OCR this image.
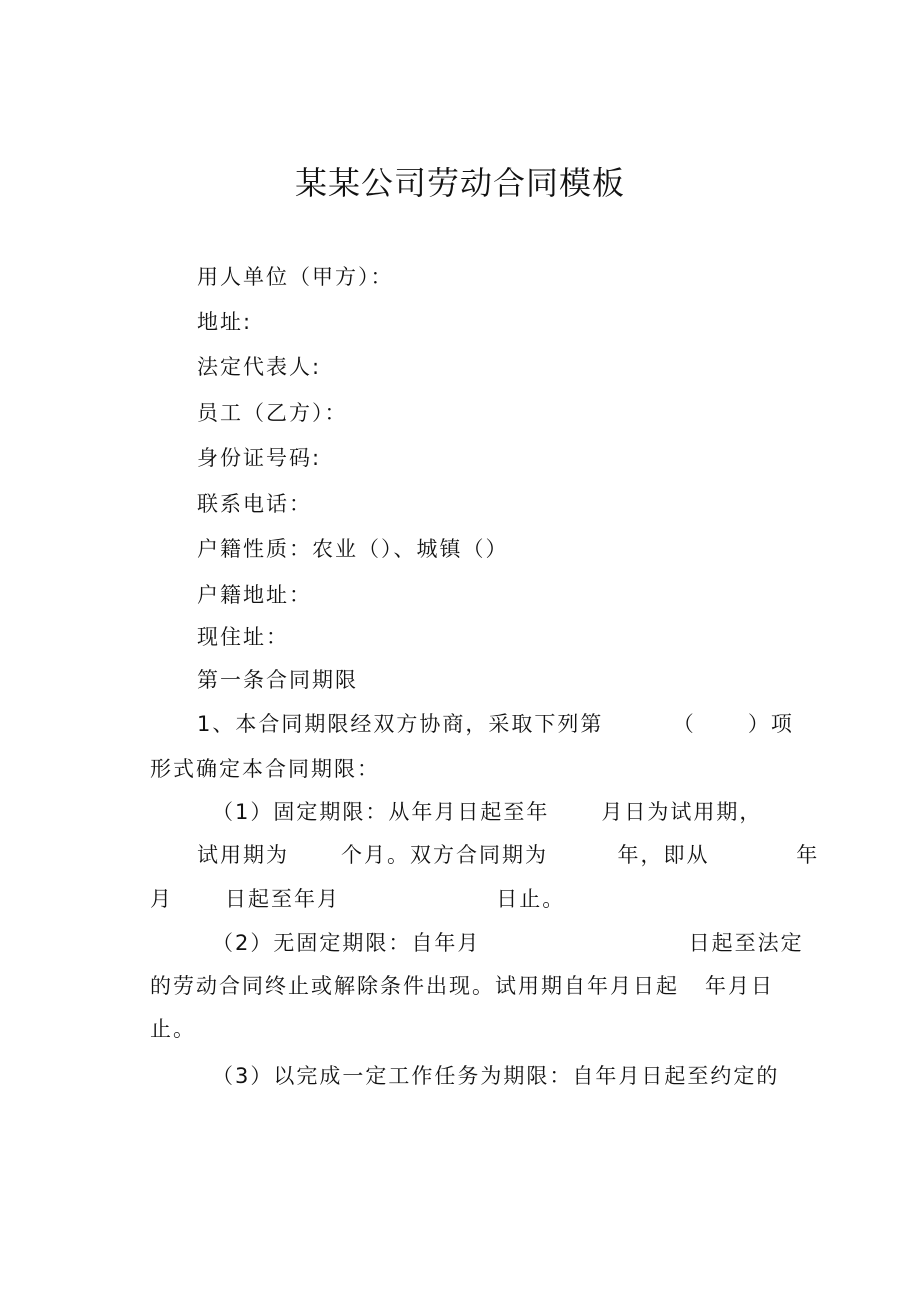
某某公司劳动合同模板

用人单位（甲方）：

地址:

法定代表人:

员工（乙方）：

身份证号码:

联系电话：

户籍性质：农业（）、城镇（）

户籍地址：

现住址：

第一条合同期限

1、本合同期限经双方协商，采取下列第        （      ）项

形式确定本合同期限：

（1）固定期限：从年月日起至年      月日为试用期，

试用期为      个月。双方合同期为        年，即从          年

月      日起至年月                  日止。

（2）无固定期限：自年月                        日起至法定

的劳动合同终止或解除条件出现。试用期自年月日起   年月日

止。

（3）以完成一定工作任务为期限：自年月日起至约定的
